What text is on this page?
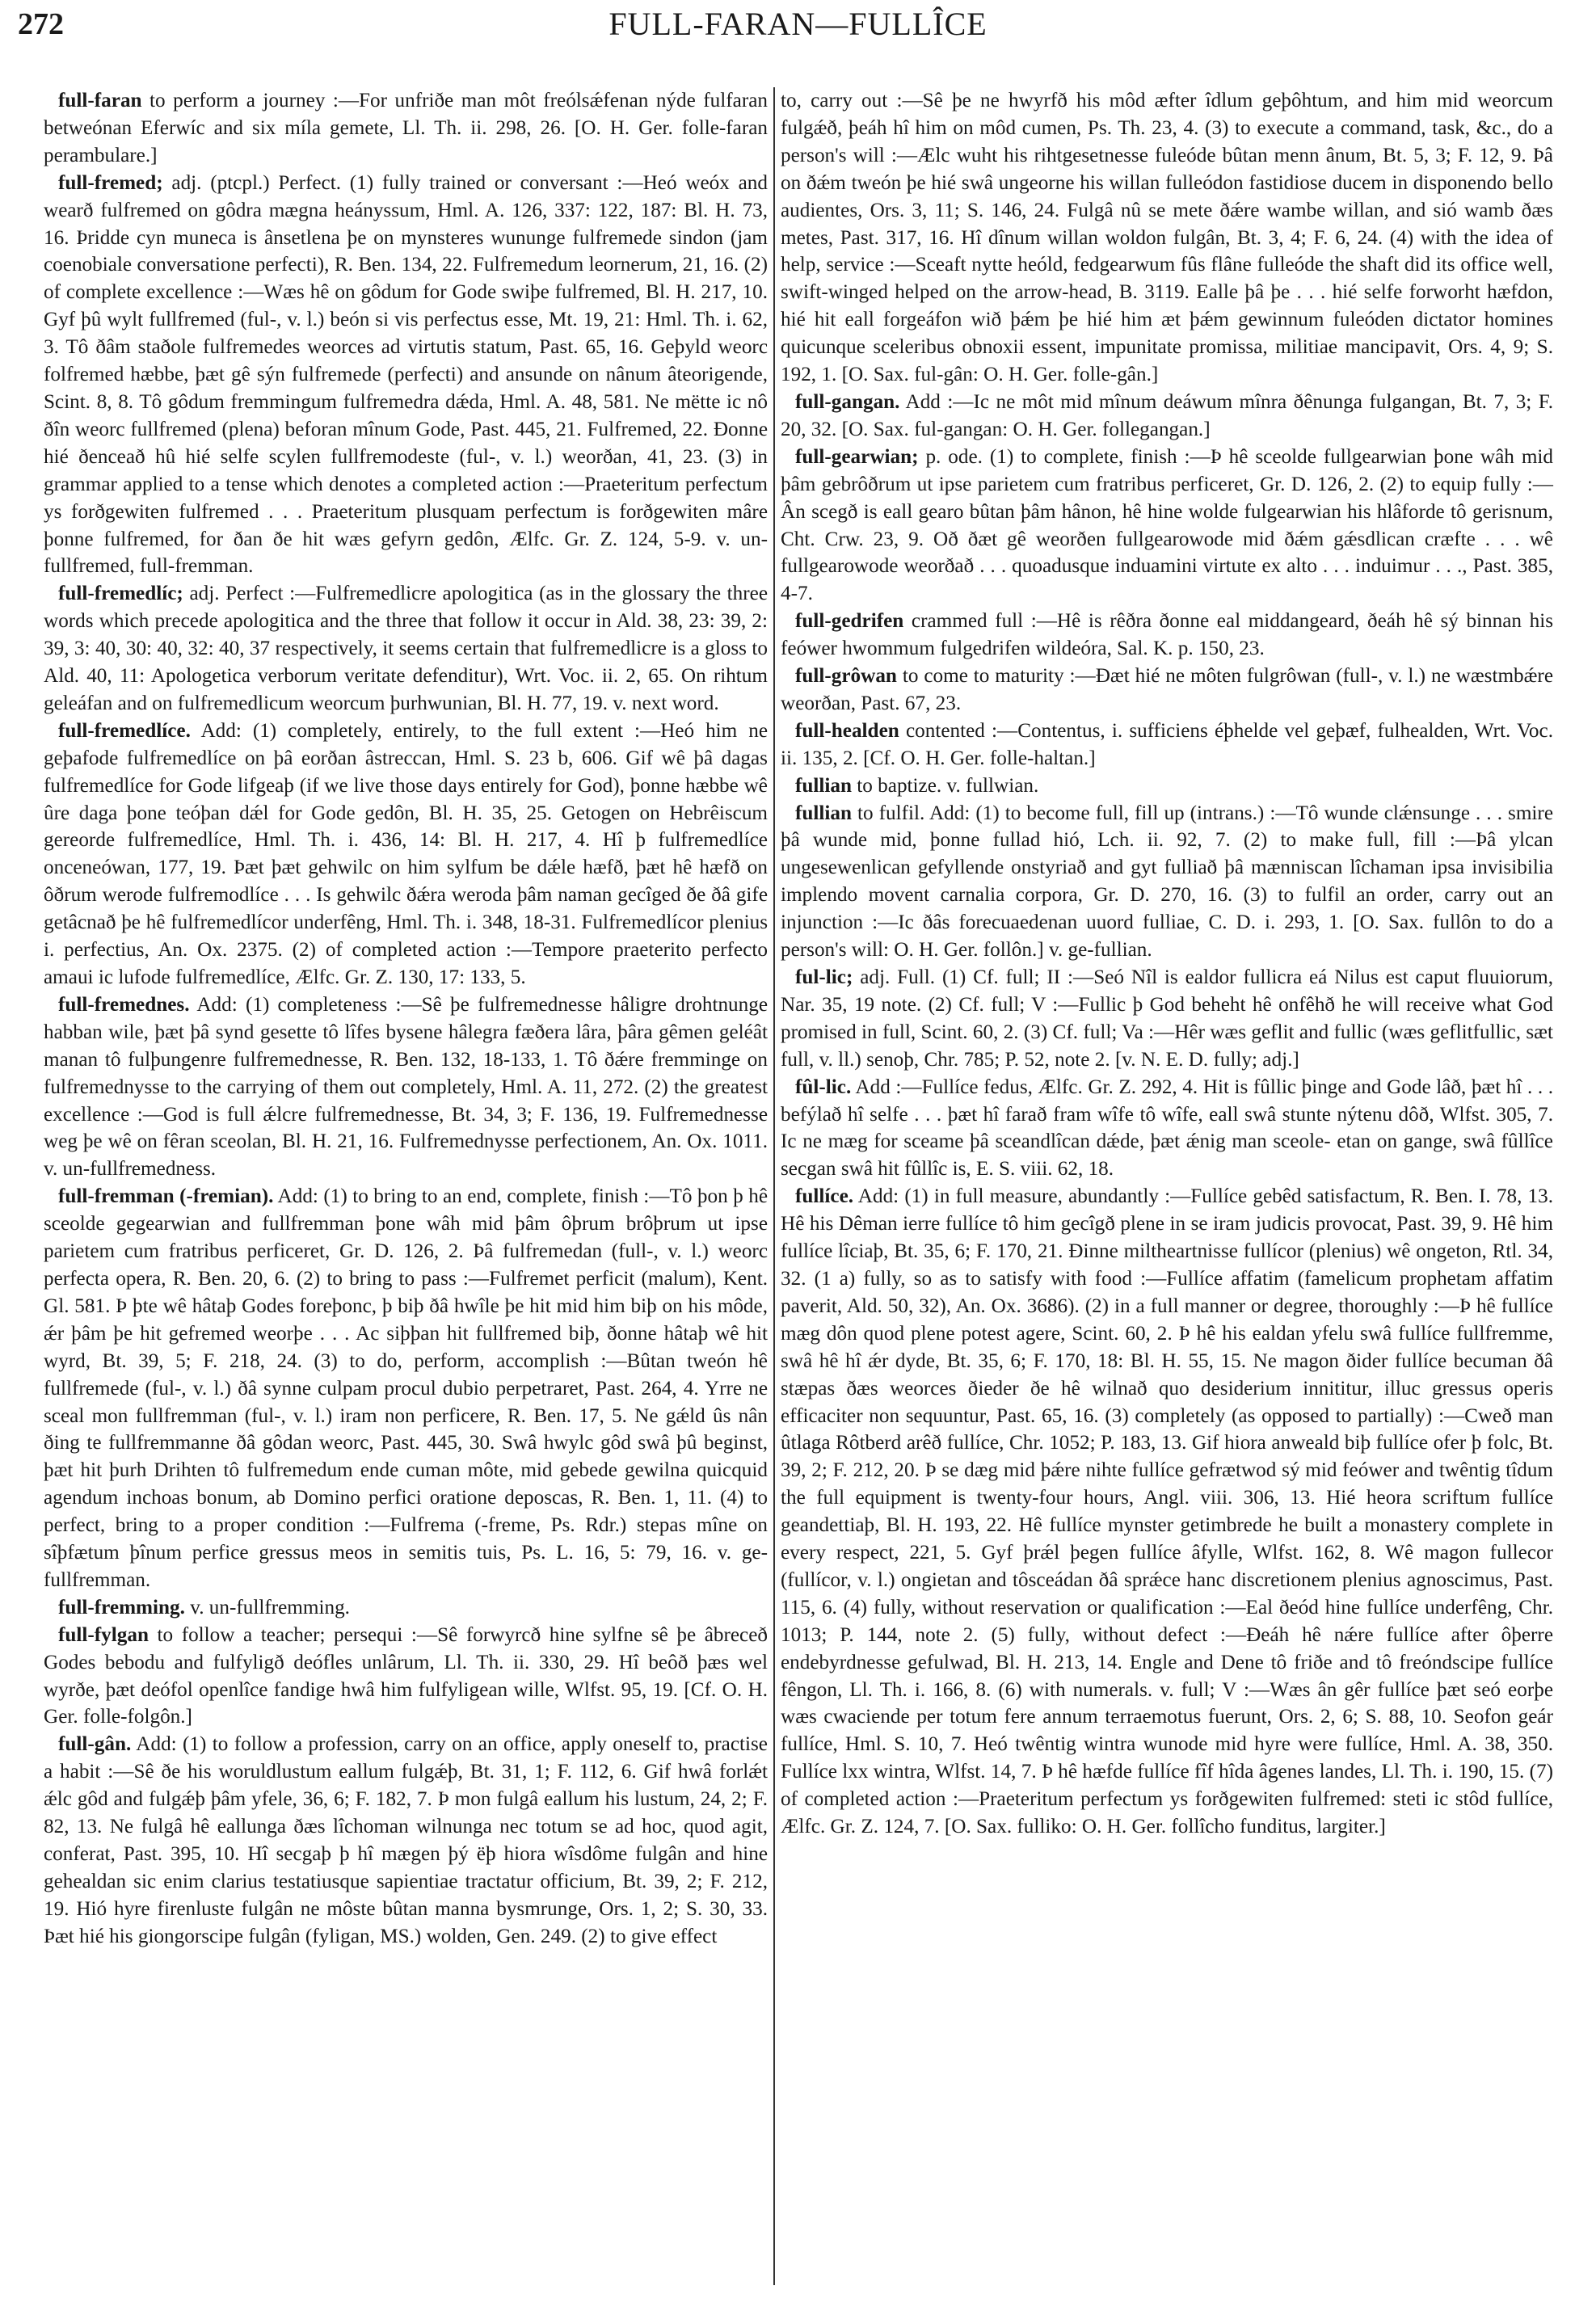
272	FULL-FARAN—FULLÎCE

full-faran to perform a journey :—For unfriðe man môt freólsǽfenan nýde fulfaran betweónan Eferwíc and six míla gemete, Ll. Th. ii. 298, 26. [O. H. Ger. folle-faran perambulare.]

full-fremed; adj. (ptcpl.) Perfect. (1) fully trained or conversant :—Heó weóx and wearð fulfremed on gôdra mægna heányssum, Hml. A. 126, 337: 122, 187: Bl. H. 73, 16. Þridde cyn muneca is ânsetlena þe on mynsteres wununge fulfremede sindon (jam coenobiale conversatione perfecti), R. Ben. 134, 22. Fulfremedum leornerum, 21, 16. (2) of complete excellence :—Wæs hê on gôdum for Gode swiþe fulfremed, Bl. H. 217, 10. Gyf þû wylt fullfremed (ful-, v. l.) beón si vis perfectus esse, Mt. 19, 21: Hml. Th. i. 62, 3. Tô ðâm staðole fulfremedes weorces ad virtutis statum, Past. 65, 16. Geþyld weorc folfremed hæbbe, þæt gê sýn fulfremede (perfecti) and ansunde on nânum âteorigende, Scint. 8, 8. Tô gôdum fremmingum fulfremedra dǽda, Hml. A. 48, 581. Ne mëtte ic nô ðîn weorc fullfremed (plena) beforan mînum Gode, Past. 445, 21. Fulfremed, 22. Ðonne hié ðenceað hû hié selfe scylen fullfremodeste (ful-, v. l.) weorðan, 41, 23. (3) in grammar applied to a tense which denotes a completed action :—Praeteritum perfectum ys forðgewiten fulfremed . . . Praeteritum plusquam perfectum is forðgewiten mâre þonne fulfremed, for ðan ðe hit wæs gefyrn gedôn, Ælfc. Gr. Z. 124, 5-9. v. un-fullfremed, full-fremman.

full-fremedlíc; adj. Perfect :—Fulfremedlicre apologitica (as in the glossary the three words which precede apologitica and the three that follow it occur in Ald. 38, 23: 39, 2: 39, 3: 40, 30: 40, 32: 40, 37 respectively, it seems certain that fulfremedlicre is a gloss to Ald. 40, 11: Apologetica verborum veritate defenditur), Wrt. Voc. ii. 2, 65. On rihtum geleáfan and on fulfremedlicum weorcum þurhwunian, Bl. H. 77, 19. v. next word.

full-fremedlíce. Add: (1) completely, entirely, to the full extent :—Heó him ne geþafode fulfremedlíce on þâ eorðan âstreccan, Hml. S. 23 b, 606. Gif wê þâ dagas fulfremedlíce for Gode lifgeaþ (if we live those days entirely for God), þonne hæbbe wê ûre daga þone teóþan dǽl for Gode gedôn, Bl. H. 35, 25. Getogen on Hebrêiscum gereorde fulfremedlíce, Hml. Th. i. 436, 14: Bl. H. 217, 4. Hî þ fulfremedlíce onceneówan, 177, 19. Þæt þæt gehwilc on him sylfum be dǽle hæfð, þæt hê hæfð on ôðrum werode fulfremodlíce . . . Is gehwilc ðǽra weroda þâm naman gecîged ðe ðâ gife getâcnað þe hê fulfremedlícor underfêng, Hml. Th. i. 348, 18-31. Fulfremedlícor plenius i. perfectius, An. Ox. 2375. (2) of completed action :—Tempore praeterito perfecto amaui ic lufode fulfremedlíce, Ælfc. Gr. Z. 130, 17: 133, 5.

full-fremednes. Add: (1) completeness :—Sê þe fulfremednesse hâligre drohtnunge habban wile, þæt þâ synd gesette tô lîfes bysene hâlegra fæðera lâra, þâra gêmen geléât manan tô fulþungenre fulfremednesse, R. Ben. 132, 18-133, 1. Tô ðǽre fremminge on fulfremednysse to the carrying of them out completely, Hml. A. 11, 272. (2) the greatest excellence :—God is full ǽlcre fulfremednesse, Bt. 34, 3; F. 136, 19. Fulfremednesse weg þe wê on fêran sceolan, Bl. H. 21, 16. Fulfremednysse perfectionem, An. Ox. 1011. v. un-fullfremedness.

full-fremman (-fremian). Add: (1) to bring to an end, complete, finish :—Tô þon þ hê sceolde gegearwian and fullfremman þone wâh mid þâm ôþrum brôþrum ut ipse parietem cum fratribus perficeret, Gr. D. 126, 2. Þâ fulfremedan (full-, v. l.) weorc perfecta opera, R. Ben. 20, 6. (2) to bring to pass :—Fulfremet perficit (malum), Kent. Gl. 581. Þ þte wê hâtaþ Godes foreþonc, þ biþ ðâ hwîle þe hit mid him biþ on his môde, ǽr þâm þe hit gefremed weorþe . . . Ac siþþan hit fullfremed biþ, ðonne hâtaþ wê hit wyrd, Bt. 39, 5; F. 218, 24. (3) to do, perform, accomplish :—Bûtan tweón hê fullfremede (ful-, v. l.) ðâ synne culpam procul dubio perpetraret, Past. 264, 4. Yrre ne sceal mon fullfremman (ful-, v. l.) iram non perficere, R. Ben. 17, 5. Ne gǽld ûs nân ðing te fullfremmanne ðâ gôdan weorc, Past. 445, 30. Swâ hwylc gôd swâ þû beginst, þæt hit þurh Drihten tô fulfremedum ende cuman môte, mid gebede gewilna quicquid agendum inchoas bonum, ab Domino perfici oratione deposcas, R. Ben. 1, 11. (4) to perfect, bring to a proper condition :—Fulfrema (-freme, Ps. Rdr.) stepas mîne on sîþfætum þînum perfice gressus meos in semitis tuis, Ps. L. 16, 5: 79, 16. v. ge-fullfremman.

full-fremming. v. un-fullfremming.

full-fylgan to follow a teacher; persequi :—Sê forwyrcð hine sylfne sê þe âbreceð Godes bebodu and fulfyligð deófles unlârum, Ll. Th. ii. 330, 29. Hî beôð þæs wel wyrðe, þæt deófol openlîce fandige hwâ him fulfyligean wille, Wlfst. 95, 19. [Cf. O. H. Ger. folle-folgôn.]

full-gân. Add: (1) to follow a profession, carry on an office, apply oneself to, practise a habit :—Sê ðe his woruldlustum eallum fulgǽþ, Bt. 31, 1; F. 112, 6. Gif hwâ forlǽt ǽlc gôd and fulgǽþ þâm yfele, 36, 6; F. 182, 7. Þ mon fulgâ eallum his lustum, 24, 2; F. 82, 13. Ne fulgâ hê eallunga ðæs lîchoman wilnunga nec totum se ad hoc, quod agit, conferat, Past. 395, 10. Hî secgaþ þ hî mægen þý ëþ hiora wîsdôme fulgân and hine gehealdan sic enim clarius testatiusque sapientiae tractatur officium, Bt. 39, 2; F. 212, 19. Hió hyre firenluste fulgân ne môste bûtan manna bysmrunge, Ors. 1, 2; S. 30, 33. Þæt hié his giongorscipe fulgân (fyligan, MS.) wolden, Gen. 249. (2) to give effect

to, carry out :—Sê þe ne hwyrfð his môd æfter îdlum geþôhtum, and him mid weorcum fulgǽð, þeáh hî him on môd cumen, Ps. Th. 23, 4. (3) to execute a command, task, &c., do a person's will :—Ælc wuht his rihtgesetnesse fuleóde bûtan menn ânum, Bt. 5, 3; F. 12, 9. Þâ on ðǽm tweón þe hié swâ ungeorne his willan fulleódon fastidiose ducem in disponendo bello audientes, Ors. 3, 11; S. 146, 24. Fulgâ nû se mete ðǽre wambe willan, and sió wamb ðæs metes, Past. 317, 16. Hî dînum willan woldon fulgân, Bt. 3, 4; F. 6, 24. (4) with the idea of help, service :—Sceaft nytte heóld, fedgearwum fûs flâne fulleóde the shaft did its office well, swift-winged helped on the arrow-head, B. 3119. Ealle þâ þe . . . hié selfe forworht hæfdon, hié hit eall forgeáfon wið þǽm þe hié him æt þǽm gewinnum fuleóden dictator homines quicunque sceleribus obnoxii essent, impunitate promissa, militiae mancipavit, Ors. 4, 9; S. 192, 1. [O. Sax. ful-gân: O. H. Ger. folle-gân.]

full-gangan. Add :—Ic ne môt mid mînum deáwum mînra ðênunga fulgangan, Bt. 7, 3; F. 20, 32. [O. Sax. ful-gangan: O. H. Ger. follegangan.]

full-gearwian; p. ode. (1) to complete, finish :—Þ hê sceolde fullgearwian þone wâh mid þâm gebrôðrum ut ipse parietem cum fratribus perficeret, Gr. D. 126, 2. (2) to equip fully :—Ân scegð is eall gearo bûtan þâm hânon, hê hine wolde fulgearwian his hlâforde tô gerisnum, Cht. Crw. 23, 9. Oð ðæt gê weorðen fullgearowode mid ðǽm gǽsdlican cræfte . . . wê fullgearowode weorðað . . . quoadusque induamini virtute ex alto . . . induimur . . ., Past. 385, 4-7.

full-gedrifen crammed full :—Hê is rêðra ðonne eal middangeard, ðeáh hê sý binnan his feówer hwommum fulgedrifen wildeóra, Sal. K. p. 150, 23.

full-grôwan to come to maturity :—Ðæt hié ne môten fulgrôwan (full-, v. l.) ne wæstmbǽre weorðan, Past. 67, 23.

full-healden contented :—Contentus, i. sufficiens éþhelde vel geþæf, fulhealden, Wrt. Voc. ii. 135, 2. [Cf. O. H. Ger. folle-haltan.]

fullian to baptize. v. fullwian.

fullian to fulfil. Add: (1) to become full, fill up (intrans.) :—Tô wunde clǽnsunge . . . smire þâ wunde mid, þonne fullad hió, Lch. ii. 92, 7. (2) to make full, fill :—Þâ ylcan ungesewenlican gefyllende onstyriað and gyt fulliað þâ mænniscan lîchaman ipsa invisibilia implendo movent carnalia corpora, Gr. D. 270, 16. (3) to fulfil an order, carry out an injunction :—Ic ðâs forecuaedenan uuord fulliae, C. D. i. 293, 1. [O. Sax. fullôn to do a person's will: O. H. Ger. follôn.] v. ge-fullian.

ful-lic; adj. Full. (1) Cf. full; II :—Seó Nîl is ealdor fullicra eá Nilus est caput fluuiorum, Nar. 35, 19 note. (2) Cf. full; V :—Fullic þ God beheht hê onfêhð he will receive what God promised in full, Scint. 60, 2. (3) Cf. full; Va :—Hêr wæs geflit and fullic (wæs geflitfullic, sæt full, v. ll.) senoþ, Chr. 785; P. 52, note 2. [v. N. E. D. fully; adj.]

fûl-lic. Add :—Fullíce fedus, Ælfc. Gr. Z. 292, 4. Hit is fûllic þinge and Gode lâð, þæt hî . . . befýlað hî selfe . . . þæt hî farað fram wîfe tô wîfe, eall swâ stunte nýtenu dôð, Wlfst. 305, 7. Ic ne mæg for sceame þâ sceandlîcan dǽde, þæt ǽnig man sceole- etan on gange, swâ fûllîce secgan swâ hit fûllîc is, E. S. viii. 62, 18.

fullíce. Add: (1) in full measure, abundantly :—Fullíce gebêd satisfactum, R. Ben. I. 78, 13. Hê his Dêman ierre fullíce tô him gecîgð plene in se iram judicis provocat, Past. 39, 9. Hê him fullíce lîciaþ, Bt. 35, 6; F. 170, 21. Ðinne miltheartnisse fullícor (plenius) wê ongeton, Rtl. 34, 32. (1 a) fully, so as to satisfy with food :—Fullíce affatim (famelicum prophetam affatim paverit, Ald. 50, 32), An. Ox. 3686). (2) in a full manner or degree, thoroughly :—Þ hê fullíce mæg dôn quod plene potest agere, Scint. 60, 2. Þ hê his ealdan yfelu swâ fullíce fullfremme, swâ hê hî ǽr dyde, Bt. 35, 6; F. 170, 18: Bl. H. 55, 15. Ne magon ðider fullíce becuman ðâ stæpas ðæs weorces ðieder ðe hê wilnað quo desiderium innititur, illuc gressus operis efficaciter non sequuntur, Past. 65, 16. (3) completely (as opposed to partially) :—Cweð man ûtlaga Rôtberd arêð fullíce, Chr. 1052; P. 183, 13. Gif hiora anweald biþ fullíce ofer þ folc, Bt. 39, 2; F. 212, 20. Þ se dæg mid þǽre nihte fullíce gefrætwod sý mid feówer and twêntig tîdum the full equipment is twenty-four hours, Angl. viii. 306, 13. Hié heora scriftum fullíce geandettiaþ, Bl. H. 193, 22. Hê fullíce mynster getimbrede he built a monastery complete in every respect, 221, 5. Gyf þrǽl þegen fullíce âfylle, Wlfst. 162, 8. Wê magon fullecor (fullícor, v. l.) ongietan and tôsceádan ðâ sprǽce hanc discretionem plenius agnoscimus, Past. 115, 6. (4) fully, without reservation or qualification :—Eal ðeód hine fullíce underfêng, Chr. 1013; P. 144, note 2. (5) fully, without defect :—Ðeáh hê nǽre fullíce after ôþerre endebyrdnesse gefulwad, Bl. H. 213, 14. Engle and Dene tô friðe and tô freóndscipe fullíce fêngon, Ll. Th. i. 166, 8. (6) with numerals. v. full; V :—Wæs ân gêr fullíce þæt seó eorþe wæs cwaciende per totum fere annum terraemotus fuerunt, Ors. 2, 6; S. 88, 10. Seofon geár fullíce, Hml. S. 10, 7. Heó twêntig wintra wunode mid hyre were fullíce, Hml. A. 38, 350. Fullíce lxx wintra, Wlfst. 14, 7. Þ hê hæfde fullíce fîf hîda âgenes landes, Ll. Th. i. 190, 15. (7) of completed action :—Praeteritum perfectum ys forðgewiten fulfremed: steti ic stôd fullíce, Ælfc. Gr. Z. 124, 7. [O. Sax. fulliko: O. H. Ger. follîcho funditus, largiter.]
